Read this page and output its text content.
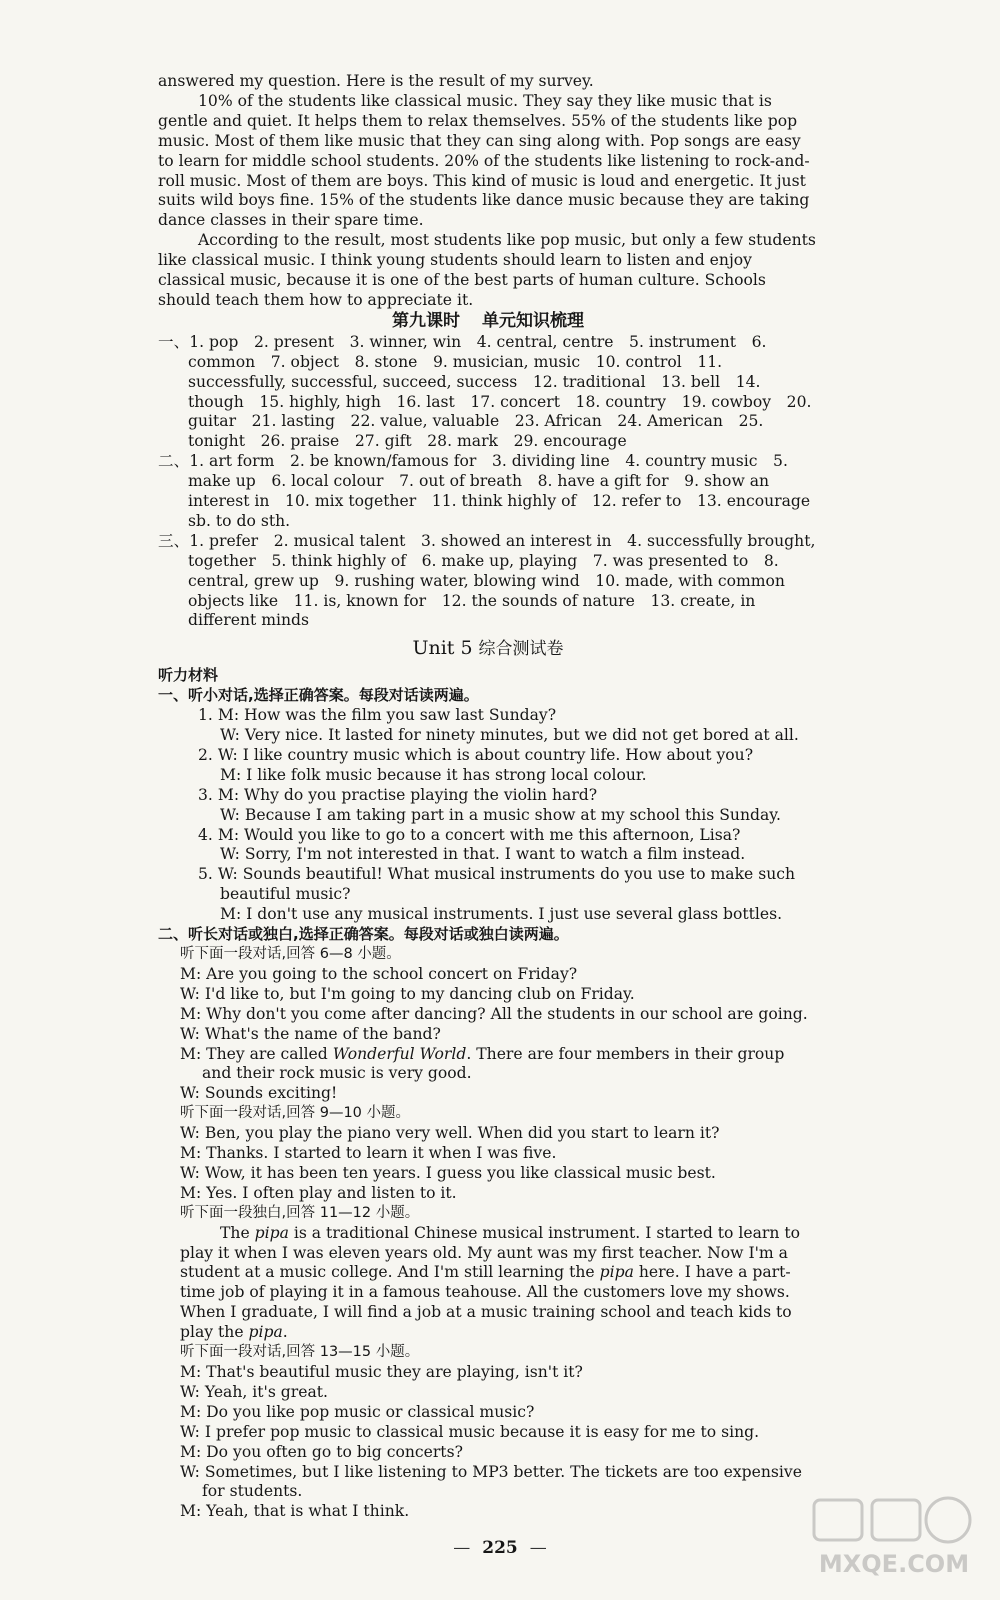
answered my question. Here is the result of my survey.

10% of the students like classical music. They say they like music that is gentle and quiet. It helps them to relax themselves. 55% of the students like pop music. Most of them like music that they can sing along with. Pop songs are easy to learn for middle school students. 20% of the students like listening to rock-and-roll music. Most of them are boys. This kind of music is loud and energetic. It just suits wild boys fine. 15% of the students like dance music because they are taking dance classes in their spare time.

According to the result, most students like pop music, but only a few students like classical music. I think young students should learn to listen and enjoy classical music, because it is one of the best parts of human culture. Schools should teach them how to appreciate it.

第九课时 单元知识梳理

一、1. pop　2. present　3. winner, win　4. central, centre　5. instrument　6. common　7. object　8. stone　9. musician, music　10. control　11. successfully, successful, succeed, success　12. traditional　13. bell　14. though　15. highly, high　16. last　17. concert　18. country　19. cowboy　20. guitar　21. lasting　22. value, valuable　23. African　24. American　25. tonight　26. praise　27. gift　28. mark　29. encourage

二、1. art form　2. be known/famous for　3. dividing line　4. country music　5. make up　6. local colour　7. out of breath　8. have a gift for　9. show an interest in　10. mix together　11. think highly of　12. refer to　13. encourage sb. to do sth.

三、1. prefer　2. musical talent　3. showed an interest in　4. successfully brought, together　5. think highly of　6. make up, playing　7. was presented to　8. central, grew up　9. rushing water, blowing wind　10. made, with common objects like　11. is, known for　12. the sounds of nature　13. create, in different minds

Unit 5 综合测试卷

听力材料

一、听小对话,选择正确答案。每段对话读两遍。

1. M: How was the film you saw last Sunday?

W: Very nice. It lasted for ninety minutes, but we did not get bored at all.

2. W: I like country music which is about country life. How about you?

M: I like folk music because it has strong local colour.

3. M: Why do you practise playing the violin hard?

W: Because I am taking part in a music show at my school this Sunday.

4. M: Would you like to go to a concert with me this afternoon, Lisa?

W: Sorry, I'm not interested in that. I want to watch a film instead.

5. W: Sounds beautiful! What musical instruments do you use to make such beautiful music?

M: I don't use any musical instruments. I just use several glass bottles.

二、听长对话或独白,选择正确答案。每段对话或独白读两遍。

听下面一段对话,回答 6—8 小题。

M: Are you going to the school concert on Friday?

W: I'd like to, but I'm going to my dancing club on Friday.

M: Why don't you come after dancing? All the students in our school are going.

W: What's the name of the band?

M: They are called Wonderful World. There are four members in their group and their rock music is very good.

W: Sounds exciting!

听下面一段对话,回答 9—10 小题。

W: Ben, you play the piano very well. When did you start to learn it?

M: Thanks. I started to learn it when I was five.

W: Wow, it has been ten years. I guess you like classical music best.

M: Yes. I often play and listen to it.

听下面一段独白,回答 11—12 小题。

The pipa is a traditional Chinese musical instrument. I started to learn to play it when I was eleven years old. My aunt was my first teacher. Now I'm a student at a music college. And I'm still learning the pipa here. I have a part-time job of playing it in a famous teahouse. All the customers love my shows. When I graduate, I will find a job at a music training school and teach kids to play the pipa.

听下面一段对话,回答 13—15 小题。

M: That's beautiful music they are playing, isn't it?

W: Yeah, it's great.

M: Do you like pop music or classical music?

W: I prefer pop music to classical music because it is easy for me to sing.

M: Do you often go to big concerts?

W: Sometimes, but I like listening to MP3 better. The tickets are too expensive for students.

M: Yeah, that is what I think.

— 225 —
MXQE.COM
